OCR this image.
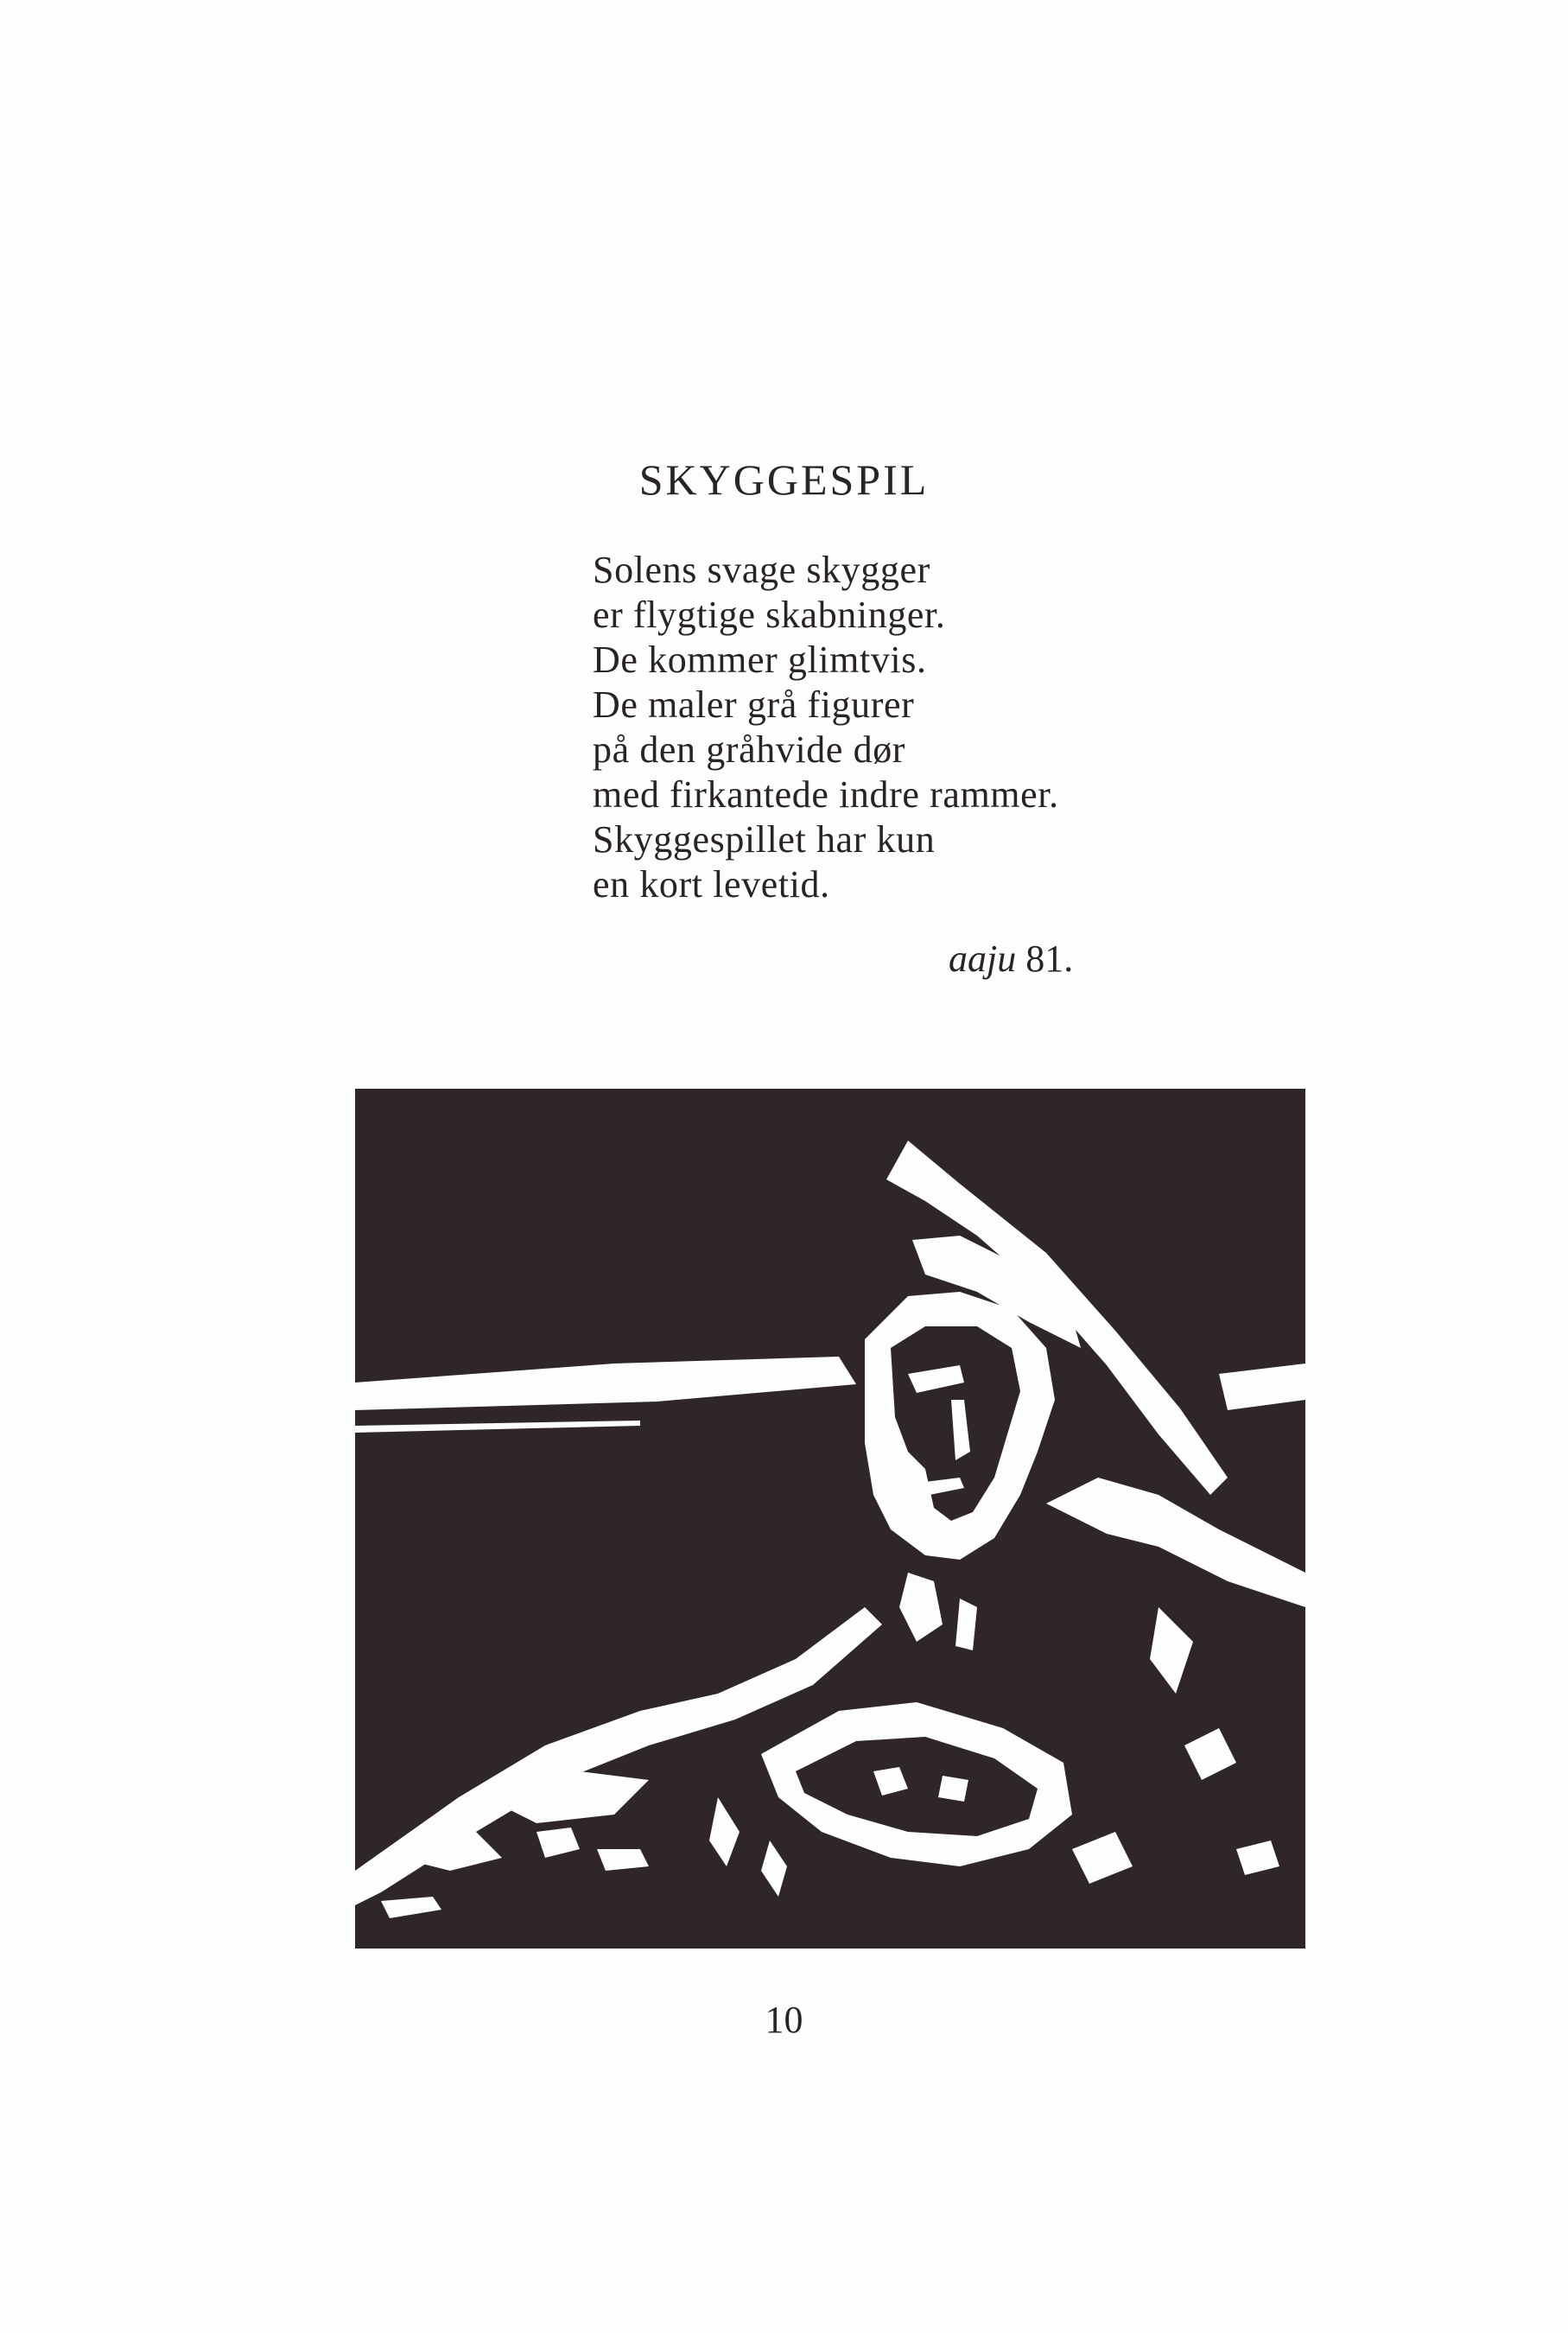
SKYGGESPIL
Solens svage skygger
er flygtige skabninger.
De kommer glimtvis.
De maler grå figurer
på den gråhvide dør
med firkantede indre rammer.
Skyggespillet har kun
en kort levetid.
aaju 81.
10
